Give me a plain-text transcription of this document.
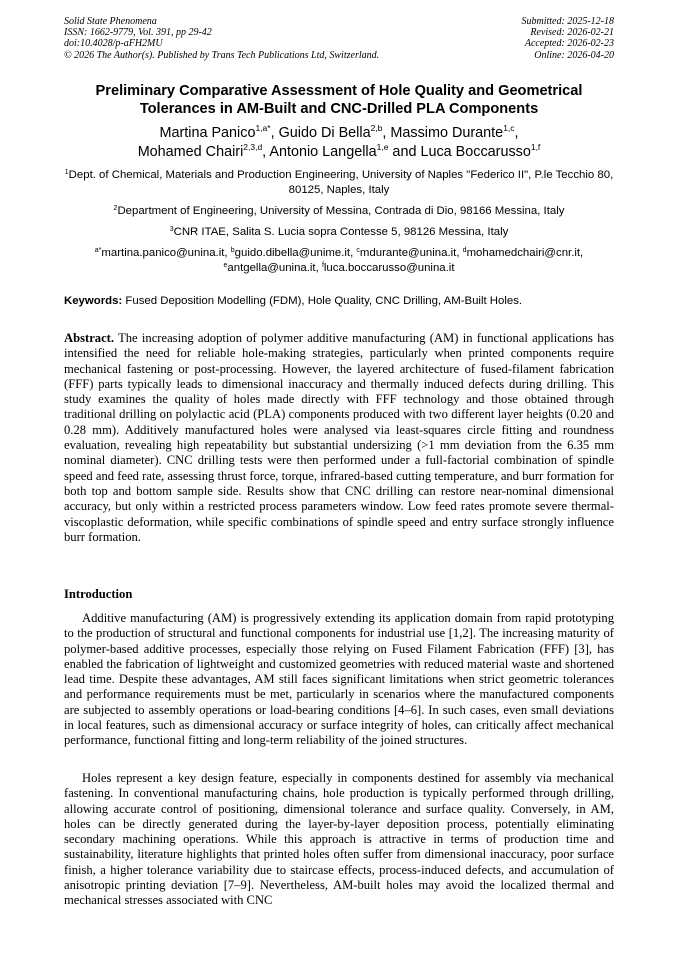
Solid State Phenomena
ISSN: 1662-9779, Vol. 391, pp 29-42
doi:10.4028/p-aFH2MU
© 2026 The Author(s). Published by Trans Tech Publications Ltd, Switzerland.
Submitted: 2025-12-18
Revised: 2026-02-21
Accepted: 2026-02-23
Online: 2026-04-20
Preliminary Comparative Assessment of Hole Quality and Geometrical
Tolerances in AM-Built and CNC-Drilled PLA Components
Martina Panico$^{1,a*}$, Guido Di Bella$^{2,b}$, Massimo Durante$^{1,c}$,
Mohamed Chairi$^{2,3,d}$, Antonio Langella$^{1,e}$ and Luca Boccarusso$^{1,f}$
$^1$Dept. of Chemical, Materials and Production Engineering, University of Naples "Federico II", P.le Tecchio 80, 80125, Naples, Italy
$^2$Department of Engineering, University of Messina, Contrada di Dio, 98166 Messina, Italy
$^3$CNR ITAE, Salita S. Lucia sopra Contesse 5, 98126 Messina, Italy
$^{a*}$martina.panico@unina.it, $^b$guido.dibella@unime.it, $^c$mdurante@unina.it, $^d$mohamedchairi@cnr.it,
$^e$antgella@unina.it, $^f$luca.boccarusso@unina.it
Keywords: Fused Deposition Modelling (FDM), Hole Quality, CNC Drilling, AM-Built Holes.

Abstract. The increasing adoption of polymer additive manufacturing (AM) in functional applications has intensified the need for reliable hole-making strategies, particularly when printed components require mechanical fastening or post-processing. However, the layered architecture of fused-filament fabrication (FFF) parts typically leads to dimensional inaccuracy and thermally induced defects during drilling. This study examines the quality of holes made directly with FFF technology and those obtained through traditional drilling on polylactic acid (PLA) components produced with two different layer heights (0.20 and 0.28 mm). Additively manufactured holes were analysed via least-squares circle fitting and roundness evaluation, revealing high repeatability but substantial undersizing (>1 mm deviation from the 6.35 mm nominal diameter). CNC drilling tests were then performed under a full-factorial combination of spindle speed and feed rate, assessing thrust force, torque, infrared-based cutting temperature, and burr formation for both top and bottom sample side. Results show that CNC drilling can restore near-nominal dimensional accuracy, but only within a restricted process parameters window. Low feed rates promote severe thermal-viscoplastic deformation, while specific combinations of spindle speed and entry surface strongly influence burr formation.

Introduction

Additive manufacturing (AM) is progressively extending its application domain from rapid prototyping to the production of structural and functional components for industrial use [1,2]. The increasing maturity of polymer-based additive processes, especially those relying on Fused Filament Fabrication (FFF) [3], has enabled the fabrication of lightweight and customized geometries with reduced material waste and shortened lead time. Despite these advantages, AM still faces significant limitations when strict geometric tolerances and performance requirements must be met, particularly in scenarios where the manufactured components are subjected to assembly operations or load-bearing conditions [4–6]. In such cases, even small deviations in local features, such as dimensional accuracy or surface integrity of holes, can critically affect mechanical performance, functional fitting and long-term reliability of the joined structures.

Holes represent a key design feature, especially in components destined for assembly via mechanical fastening. In conventional manufacturing chains, hole production is typically performed through drilling, allowing accurate control of positioning, dimensional tolerance and surface quality. Conversely, in AM, holes can be directly generated during the layer-by-layer deposition process, potentially eliminating secondary machining operations. While this approach is attractive in terms of production time and sustainability, literature highlights that printed holes often suffer from dimensional inaccuracy, poor surface finish, a higher tolerance variability due to staircase effects, process-induced defects, and accumulation of anisotropic printing deviation [7–9]. Nevertheless, AM-built holes may avoid the localized thermal and mechanical stresses associated with CNC
